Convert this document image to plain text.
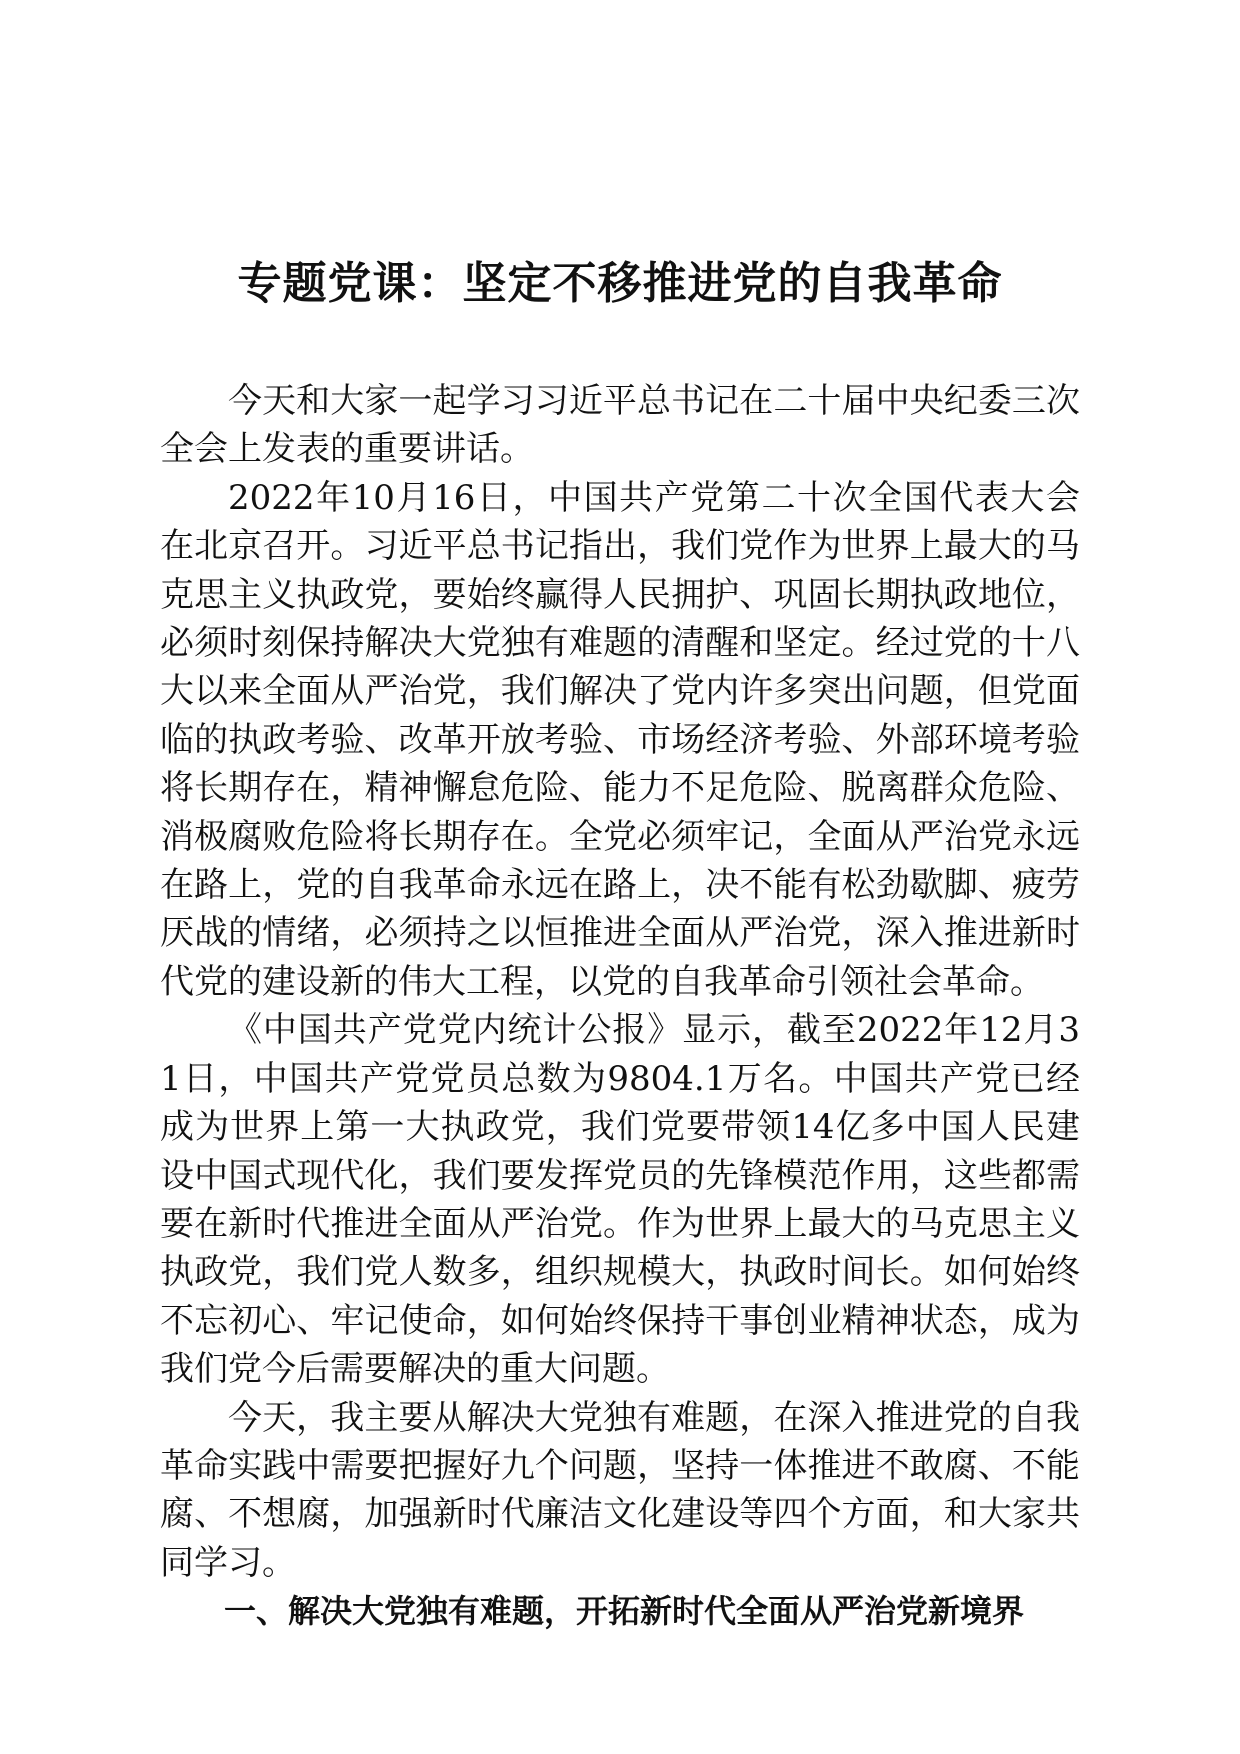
专题党课：坚定不移推进党的自我革命

今天和大家一起学习习近平总书记在二十届中央纪委三次全会上发表的重要讲话。

2022年10月16日，中国共产党第二十次全国代表大会在北京召开。习近平总书记指出，我们党作为世界上最大的马克思主义执政党，要始终赢得人民拥护、巩固长期执政地位，必须时刻保持解决大党独有难题的清醒和坚定。经过党的十八大以来全面从严治党，我们解决了党内许多突出问题，但党面临的执政考验、改革开放考验、市场经济考验、外部环境考验将长期存在，精神懈怠危险、能力不足危险、脱离群众危险、消极腐败危险将长期存在。全党必须牢记，全面从严治党永远在路上，党的自我革命永远在路上，决不能有松劲歇脚、疲劳厌战的情绪，必须持之以恒推进全面从严治党，深入推进新时代党的建设新的伟大工程，以党的自我革命引领社会革命。

《中国共产党党内统计公报》显示，截至2022年12月31日，中国共产党党员总数为9804.1万名。中国共产党已经成为世界上第一大执政党，我们党要带领14亿多中国人民建设中国式现代化，我们要发挥党员的先锋模范作用，这些都需要在新时代推进全面从严治党。作为世界上最大的马克思主义执政党，我们党人数多，组织规模大，执政时间长。如何始终不忘初心、牢记使命，如何始终保持干事创业精神状态，成为我们党今后需要解决的重大问题。

今天，我主要从解决大党独有难题，在深入推进党的自我革命实践中需要把握好九个问题，坚持一体推进不敢腐、不能腐、不想腐，加强新时代廉洁文化建设等四个方面，和大家共同学习。

一、解决大党独有难题，开拓新时代全面从严治党新境界
